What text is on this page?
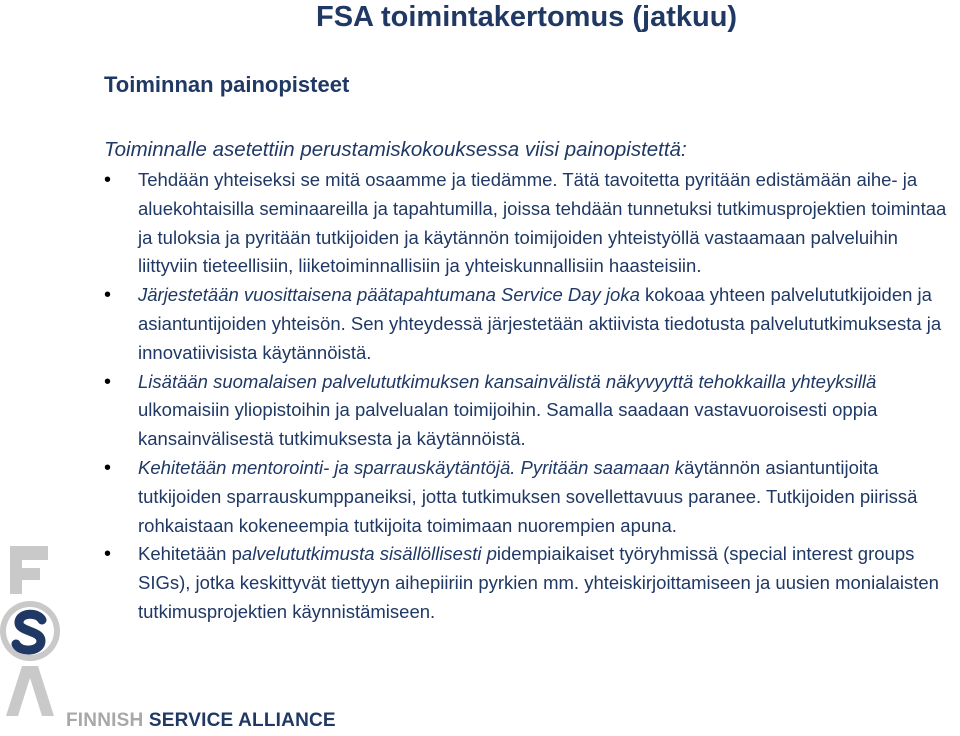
FSA toimintakertomus (jatkuu)
Toiminnan painopisteet
Toiminnalle asetettiin perustamiskokouksessa viisi painopistettä:
• Tehdään yhteiseksi se mitä osaamme ja tiedämme. Tätä tavoitetta pyritään edistämään aihe- ja aluekohtaisilla seminaareilla ja tapahtumilla, joissa tehdään tunnetuksi tutkimusprojektien toimintaa ja tuloksia ja pyritään tutkijoiden ja käytännön toimijoiden yhteistyöllä vastaamaan palveluihin liittyviin tieteellisiin, liiketoiminnallisiin ja yhteiskunnallisiin haasteisiin.
• Järjestetään vuosittaisena päätapahtumana Service Day joka kokoaa yhteen palvelututkijoiden ja asiantuntijoiden yhteisön. Sen yhteydessä järjestetään aktiivista tiedotusta palvelututkimuksesta ja innovatiivisista käytännöistä.
• Lisätään suomalaisen palvelututkimuksen kansainvälistä näkyvyyttä tehokkailla yhteyksillä ulkomaisiin yliopistoihin ja palvelualan toimijoihin. Samalla saadaan vastavuoroisesti oppia kansainvälisestä tutkimuksesta ja käytännöistä.
• Kehitetään mentorointi- ja sparrauskäytäntöjä. Pyritään saamaan käytännön asiantuntijoita tutkijoiden sparrauskumppaneiksi, jotta tutkimuksen sovellettavuus paranee. Tutkijoiden piirissä rohkaistaan kokeneempia tutkijoita toimimaan nuorempien apuna.
• Kehitetään palvelututkimusta sisällöllisesti pidempiaikaiset työryhmissä (special interest groups SIGs), jotka keskittyvät tiettyyn aihepiiriin pyrkien mm. yhteiskirjoittamiseen ja uusien monialaisten tutkimusprojektien käynnistämiseen.
FINNISH SERVICE ALLIANCE
